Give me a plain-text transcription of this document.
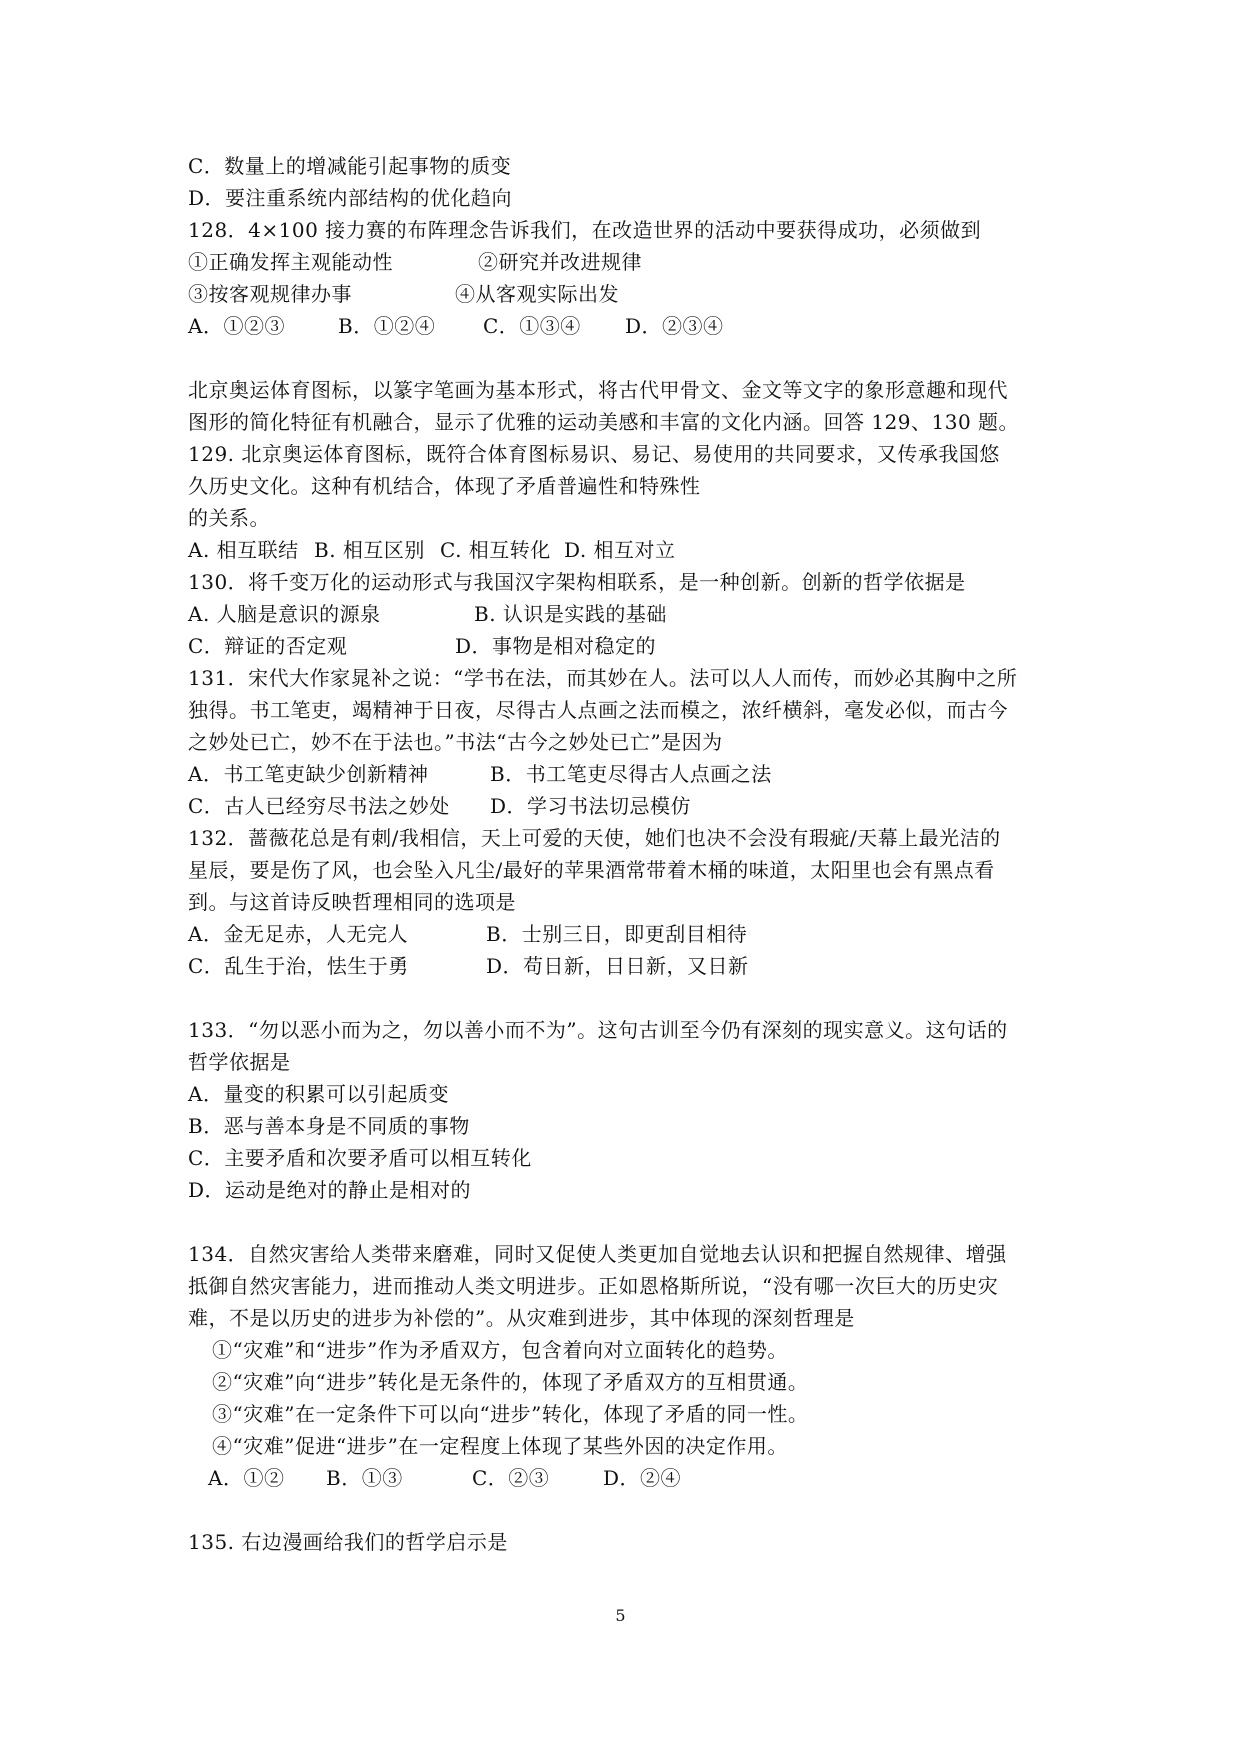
C．数量上的增减能引起事物的质变
D．要注重系统内部结构的优化趋向
128．4×100 接力赛的布阵理念告诉我们，在改造世界的活动中要获得成功，必须做到
①正确发挥主观能动性	②研究并改进规律
③按客观规律办事	④从客观实际出发
A．①②③	B．①②④ C．①③④ D．②③④
北京奥运体育图标，以篆字笔画为基本形式，将古代甲骨文、金文等文字的象形意趣和现代
图形的简化特征有机融合，显示了优雅的运动美感和丰富的文化内涵。回答 129、130 题。
129. 北京奥运体育图标，既符合体育图标易识、易记、易使用的共同要求，又传承我国悠
久历史文化。这种有机结合，体现了矛盾普遍性和特殊性
的关系。
A. 相互联结 B. 相互区别 C. 相互转化 D. 相互对立
130．将千变万化的运动形式与我国汉字架构相联系，是一种创新。创新的哲学依据是
A. 人脑是意识的源泉	B. 认识是实践的基础
C．辩证的否定观	D．事物是相对稳定的
131．宋代大作家晁补之说：“学书在法，而其妙在人。法可以人人而传，而妙必其胸中之所
独得。书工笔吏，竭精神于日夜，尽得古人点画之法而模之，浓纤横斜，毫发必似，而古今
之妙处已亡，妙不在于法也。”书法“古今之妙处已亡”是因为
A．书工笔吏缺少创新精神	B．书工笔吏尽得古人点画之法
C．古人已经穷尽书法之妙处 D．学习书法切忌模仿
132．蔷薇花总是有刺/我相信，天上可爱的天使，她们也决不会没有瑕疵/天幕上最光洁的
星辰，要是伤了风，也会坠入凡尘/最好的苹果酒常带着木桶的味道，太阳里也会有黑点看
到。与这首诗反映哲理相同的选项是
A．金无足赤，人无完人	B．士别三日，即更刮目相待
C．乱生于治，怯生于勇	D．苟日新，日日新，又日新
133．“勿以恶小而为之，勿以善小而不为”。这句古训至今仍有深刻的现实意义。这句话的
哲学依据是
A．量变的积累可以引起质变
B．恶与善本身是不同质的事物
C．主要矛盾和次要矛盾可以相互转化
D．运动是绝对的静止是相对的
134．自然灾害给人类带来磨难，同时又促使人类更加自觉地去认识和把握自然规律、增强
抵御自然灾害能力，进而推动人类文明进步。正如恩格斯所说，“没有哪一次巨大的历史灾
难，不是以历史的进步为补偿的”。从灾难到进步，其中体现的深刻哲理是
①“灾难”和“进步”作为矛盾双方，包含着向对立面转化的趋势。
②“灾难”向“进步”转化是无条件的，体现了矛盾双方的互相贯通。
③“灾难”在一定条件下可以向“进步”转化，体现了矛盾的同一性。
④“灾难”促进“进步”在一定程度上体现了某些外因的决定作用。
A．①② B．①③	C．②③	D．②④
135. 右边漫画给我们的哲学启示是
5
